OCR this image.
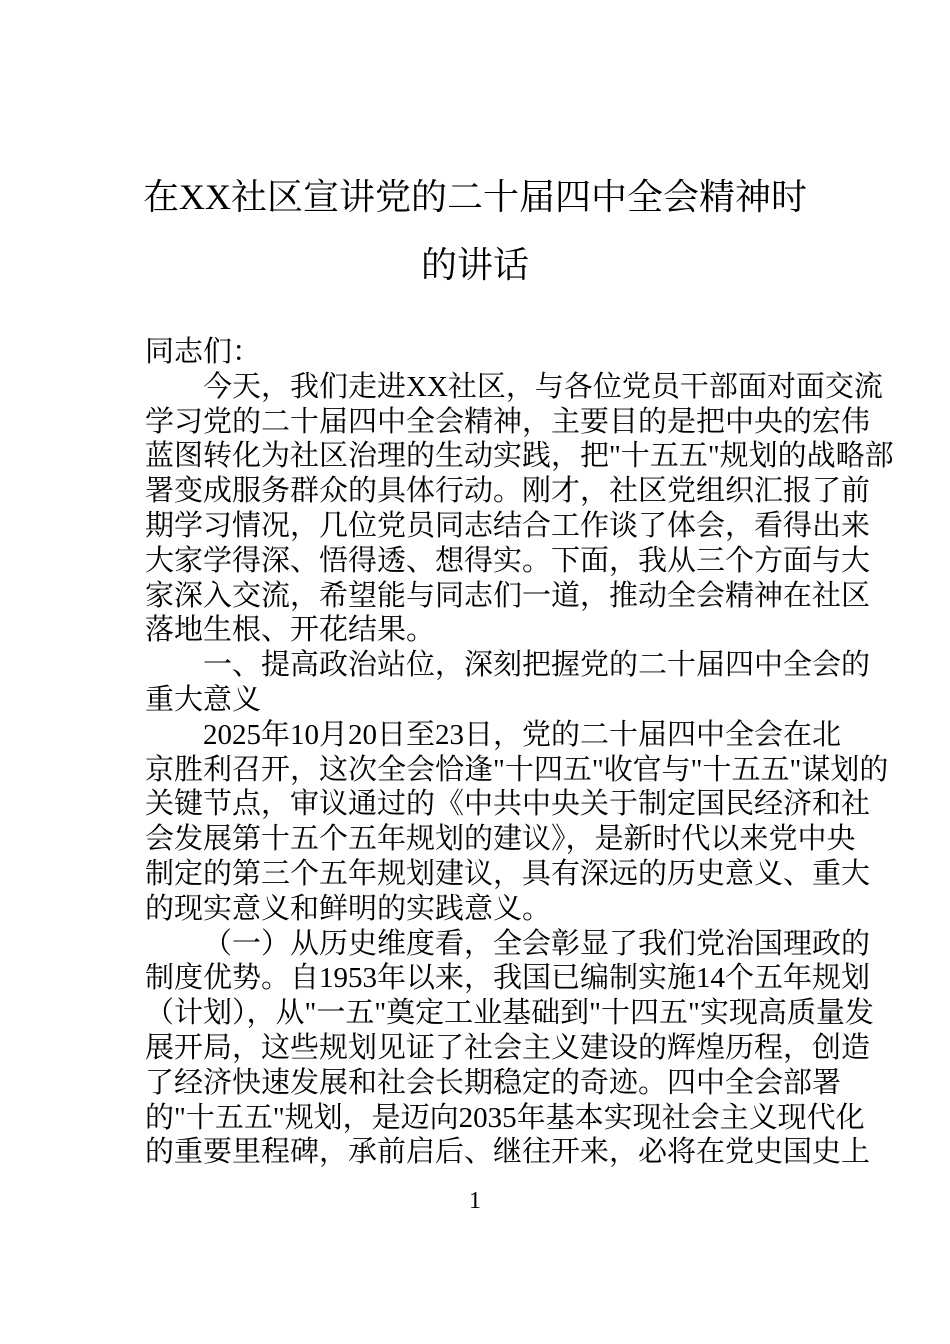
在XX社区宣讲党的二十届四中全会精神时
的讲话
同志们：
今天，我们走进XX社区，与各位党员干部面对面交流
学习党的二十届四中全会精神，主要目的是把中央的宏伟
蓝图转化为社区治理的生动实践，把"十五五"规划的战略部
署变成服务群众的具体行动。刚才，社区党组织汇报了前
期学习情况，几位党员同志结合工作谈了体会，看得出来
大家学得深、悟得透、想得实。下面，我从三个方面与大
家深入交流，希望能与同志们一道，推动全会精神在社区
落地生根、开花结果。
一、提高政治站位，深刻把握党的二十届四中全会的
重大意义
2025年10月20日至23日，党的二十届四中全会在北
京胜利召开，这次全会恰逢"十四五"收官与"十五五"谋划的
关键节点，审议通过的《中共中央关于制定国民经济和社
会发展第十五个五年规划的建议》，是新时代以来党中央
制定的第三个五年规划建议，具有深远的历史意义、重大
的现实意义和鲜明的实践意义。
（一）从历史维度看，全会彰显了我们党治国理政的
制度优势。自1953年以来，我国已编制实施14个五年规划
（计划），从"一五"奠定工业基础到"十四五"实现高质量发
展开局，这些规划见证了社会主义建设的辉煌历程，创造
了经济快速发展和社会长期稳定的奇迹。四中全会部署
的"十五五"规划，是迈向2035年基本实现社会主义现代化
的重要里程碑，承前启后、继往开来，必将在党史国史上
1
